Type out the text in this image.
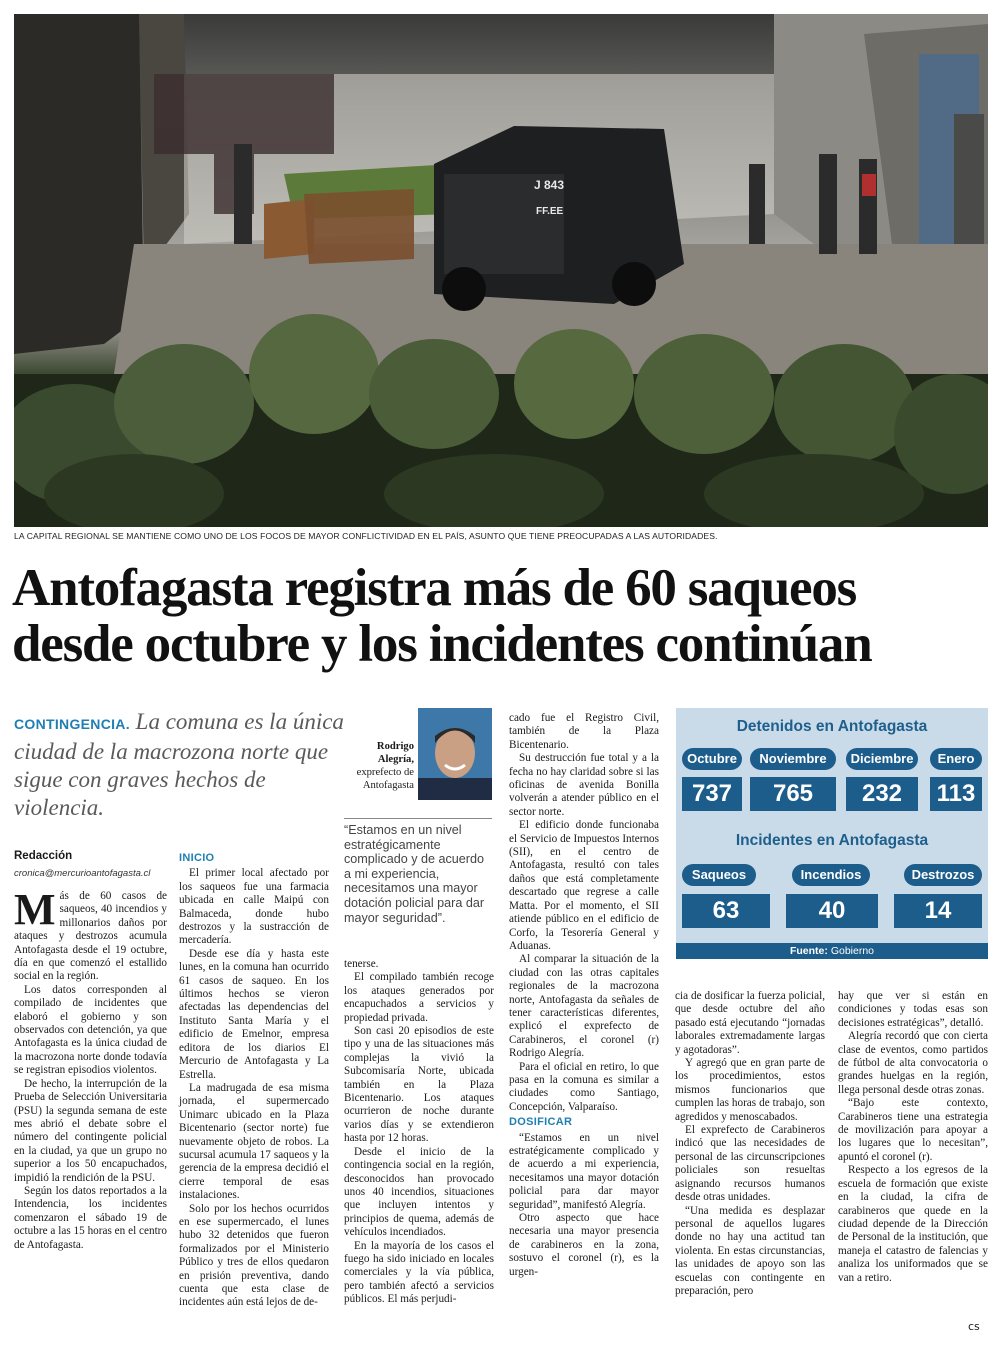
J 843
FF.EE
LA CAPITAL REGIONAL SE MANTIENE COMO UNO DE LOS FOCOS DE MAYOR CONFLICTIVIDAD EN EL PAÍS, ASUNTO QUE TIENE PREOCUPADAS A LAS AUTORIDADES.
Antofagasta registra más de 60 saqueos
desde octubre y los incidentes continúan
CONTINGENCIA. La comuna es la única ciudad de la macrozona norte que sigue con graves hechos de violencia.
Redacción
cronica@mercurioantofagasta.cl

Más de 60 casos de saqueos, 40 incendios y millonarios daños por ataques y destrozos acumula Antofagasta desde el 19 octubre, día en que comenzó el estallido social en la región.

Los datos corresponden al compilado de incidentes que elaboró el gobierno y son observados con detención, ya que Antofagasta es la única ciudad de la macrozona norte donde todavía se registran episodios violentos.

De hecho, la interrupción de la Prueba de Selección Universitaria (PSU) la segunda semana de este mes abrió el debate sobre el número del contingente policial en la ciudad, ya que un grupo no superior a los 50 encapuchados, impidió la rendición de la PSU.

Según los datos reportados a la Intendencia, los incidentes comenzaron el sábado 19 de octubre a las 15 horas en el centro de Antofagasta.

INICIO

El primer local afectado por los saqueos fue una farmacia ubicada en calle Maipú con Balmaceda, donde hubo destrozos y la sustracción de mercadería.

Desde ese día y hasta este lunes, en la comuna han ocurrido 61 casos de saqueo. En los últimos hechos se vieron afectadas las dependencias del Instituto Santa María y el edificio de Emelnor, empresa editora de los diarios El Mercurio de Antofagasta y La Estrella.

La madrugada de esa misma jornada, el supermercado Unimarc ubicado en la Plaza Bicentenario (sector norte) fue nuevamente objeto de robos. La sucursal acumula 17 saqueos y la gerencia de la empresa decidió el cierre temporal de esas instalaciones.

Solo por los hechos ocurridos en ese supermercado, el lunes hubo 32 detenidos que fueron formalizados por el Ministerio Público y tres de ellos quedaron en prisión preventiva, dando cuenta que esta clase de incidentes aún está lejos de de-

Rodrigo Alegría,
exprefecto de Antofagasta
“Estamos en un nivel estratégicamente complicado y de acuerdo a mi experiencia, necesitamos una mayor dotación policial para dar mayor seguridad”.

tenerse.

El compilado también recoge los ataques generados por encapuchados a servicios y propiedad privada.

Son casi 20 episodios de este tipo y una de las situaciones más complejas la vivió la Subcomisaría Norte, ubicada también en la Plaza Bicentenario. Los ataques ocurrieron de noche durante varios días y se extendieron hasta por 12 horas.

Desde el inicio de la contingencia social en la región, desconocidos han provocado unos 40 incendios, situaciones que incluyen intentos y principios de quema, además de vehículos incendiados.

En la mayoría de los casos el fuego ha sido iniciado en locales comerciales y la vía pública, pero también afectó a servicios públicos. El más perjudi-

cado fue el Registro Civil, también de la Plaza Bicentenario.

Su destrucción fue total y a la fecha no hay claridad sobre si las oficinas de avenida Bonilla volverán a atender público en el sector norte.

El edificio donde funcionaba el Servicio de Impuestos Internos (SII), en el centro de Antofagasta, resultó con tales daños que está completamente descartado que regrese a calle Matta. Por el momento, el SII atiende público en el edificio de Corfo, la Tesorería General y Aduanas.

Al comparar la situación de la ciudad con las otras capitales regionales de la macrozona norte, Antofagasta da señales de tener características diferentes, explicó el exprefecto de Carabineros, el coronel (r) Rodrigo Alegría.

Para el oficial en retiro, lo que pasa en la comuna es similar a ciudades como Santiago, Concepción, Valparaíso.

DOSIFICAR

“Estamos en un nivel estratégicamente complicado y de acuerdo a mi experiencia, necesitamos una mayor dotación policial para dar mayor seguridad”, manifestó Alegría.

Otro aspecto que hace necesaria una mayor presencia de carabineros en la zona, sostuvo el coronel (r), es la urgen-

Detenidos en Antofagasta
Octubre	Noviembre	Diciembre	Enero
737	765	232	113
Incidentes en Antofagasta
Saqueos	Incendios	Destrozos
63	40	14
Fuente: Gobierno

cia de dosificar la fuerza policial, que desde octubre del año pasado está ejecutando “jornadas laborales extremadamente largas y agotadoras”.

Y agregó que en gran parte de los procedimientos, estos mismos funcionarios que cumplen las horas de trabajo, son agredidos y menoscabados.

El exprefecto de Carabineros indicó que las necesidades de personal de las circunscripciones policiales son resueltas asignando recursos humanos desde otras unidades.

“Una medida es desplazar personal de aquellos lugares donde no hay una actitud tan violenta. En estas circunstancias, las unidades de apoyo son las escuelas con contingente en preparación, pero

hay que ver si están en condiciones y todas esas son decisiones estratégicas”, detalló.

Alegría recordó que con cierta clase de eventos, como partidos de fútbol de alta convocatoria o grandes huelgas en la región, llega personal desde otras zonas.

“Bajo este contexto, Carabineros tiene una estrategia de movilización para apoyar a los lugares que lo necesitan”, apuntó el coronel (r).

Respecto a los egresos de la escuela de formación que existe en la ciudad, la cifra de carabineros que quede en la ciudad depende de la Dirección de Personal de la institución, que maneja el catastro de falencias y analiza los uniformados que se van a retiro.

cs
